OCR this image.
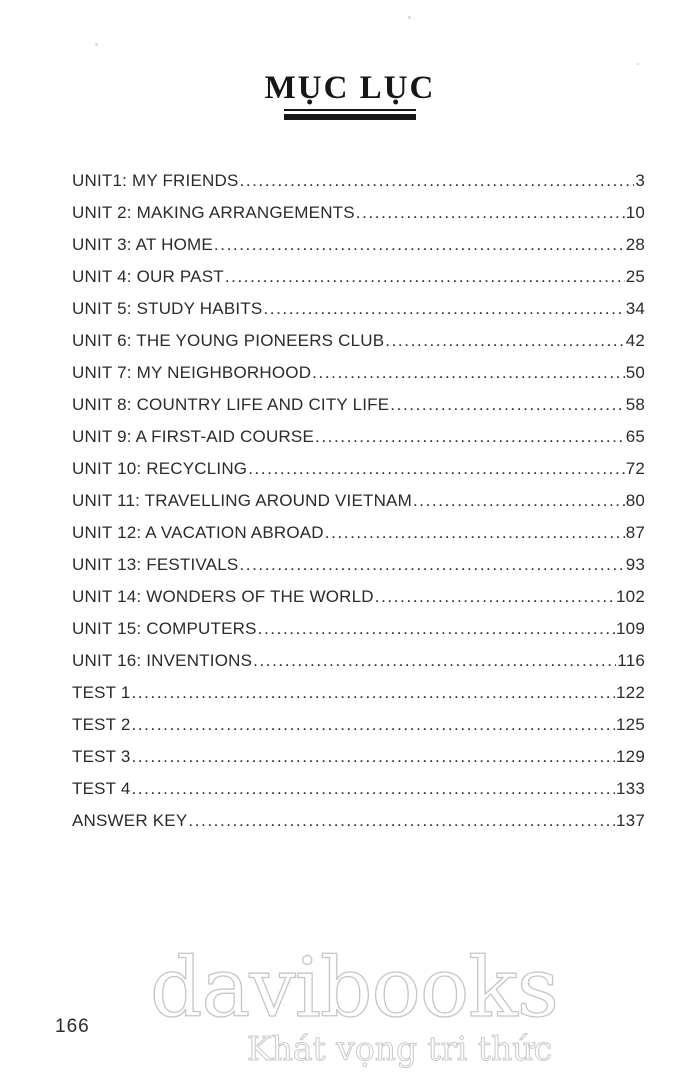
MỤC LỤC
UNIT1: MY FRIENDS .....	3
UNIT 2: MAKING ARRANGEMENTS .....	10
UNIT 3: AT HOME .....	28
UNIT 4: OUR PAST .....	25
UNIT 5: STUDY HABITS .....	34
UNIT 6: THE YOUNG PIONEERS CLUB .....	42
UNIT 7: MY NEIGHBORHOOD .....	50
UNIT 8: COUNTRY LIFE AND CITY LIFE .....	58
UNIT 9: A FIRST-AID COURSE .....	65
UNIT 10: RECYCLING .....	72
UNIT 11: TRAVELLING AROUND VIETNAM .....	80
UNIT 12: A VACATION ABROAD .....	87
UNIT 13: FESTIVALS .....	93
UNIT 14: WONDERS OF THE WORLD .....	102
UNIT 15: COMPUTERS .....	109
UNIT 16: INVENTIONS .....	116
TEST 1 .....	122
TEST 2 .....	125
TEST 3 .....	129
TEST 4 .....	133
ANSWER KEY .....	137
166 davibooks
Khát vọng tri thức
